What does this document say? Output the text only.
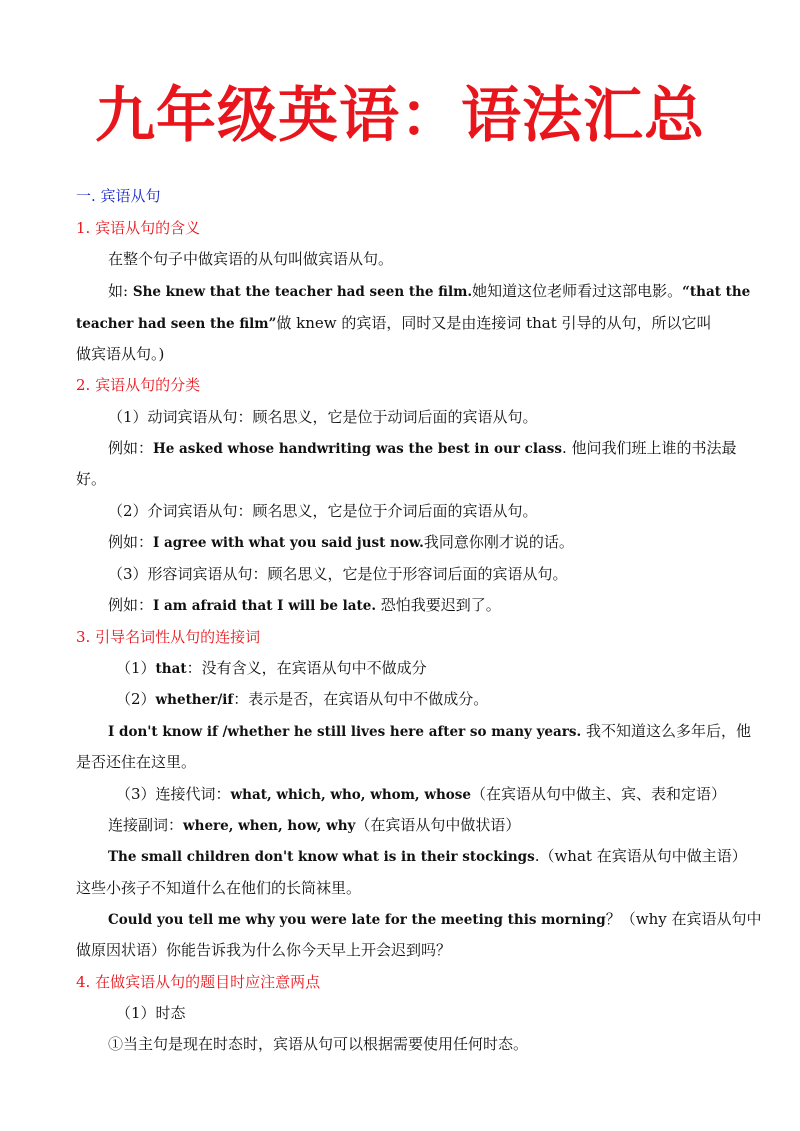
九年级英语：语法汇总
一. 宾语从句
1. 宾语从句的含义
在整个句子中做宾语的从句叫做宾语从句。
如: She knew that the teacher had seen the film.她知道这位老师看过这部电影。“that the
teacher had seen the film”做 knew 的宾语，同时又是由连接词 that 引导的从句，所以它叫
做宾语从句。)
2. 宾语从句的分类
（1）动词宾语从句：顾名思义，它是位于动词后面的宾语从句。
例如：He asked whose handwriting was the best in our class. 他问我们班上谁的书法最
好。
（2）介词宾语从句：顾名思义，它是位于介词后面的宾语从句。
例如：I agree with what you said just now.我同意你刚才说的话。
（3）形容词宾语从句：顾名思义，它是位于形容词后面的宾语从句。
例如：I am afraid that I will be late. 恐怕我要迟到了。
3. 引导名词性从句的连接词
（1）that：没有含义，在宾语从句中不做成分
（2）whether/if：表示是否，在宾语从句中不做成分。
I don't know if /whether he still lives here after so many years. 我不知道这么多年后，他
是否还住在这里。
（3）连接代词：what, which, who, whom, whose（在宾语从句中做主、宾、表和定语）
连接副词：where, when, how, why（在宾语从句中做状语）
The small children don't know what is in their stockings.（what 在宾语从句中做主语）
这些小孩子不知道什么在他们的长筒袜里。
Could you tell me why you were late for the meeting this morning？（why 在宾语从句中
做原因状语）你能告诉我为什么你今天早上开会迟到吗？
4. 在做宾语从句的题目时应注意两点
（1）时态
①当主句是现在时态时，宾语从句可以根据需要使用任何时态。
